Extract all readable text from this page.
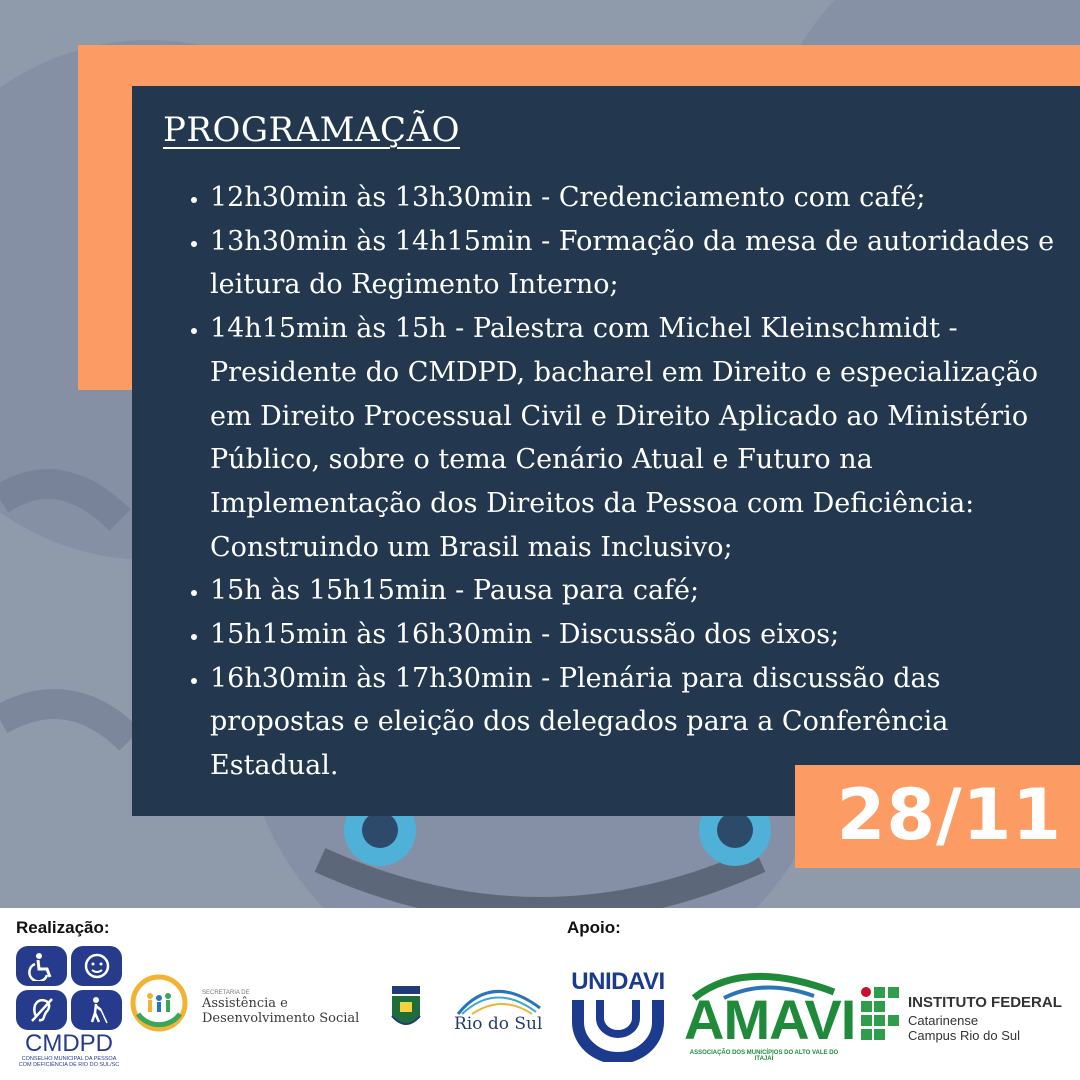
PROGRAMAÇÃO
• 12h30min às 13h30min - Credenciamento com café;
• 13h30min às 14h15min - Formação da mesa de autoridades e leitura do Regimento Interno;
• 14h15min às 15h - Palestra com Michel Kleinschmidt - Presidente do CMDPD, bacharel em Direito e especialização em Direito Processual Civil e Direito Aplicado ao Ministério Público, sobre o tema Cenário Atual e Futuro na Implementação dos Direitos da Pessoa com Deficiência: Construindo um Brasil mais Inclusivo;
• 15h às 15h15min - Pausa para café;
• 15h15min às 16h30min - Discussão dos eixos;
• 16h30min às 17h30min - Plenária para discussão das propostas e eleição dos delegados para a Conferência Estadual.
28/11

Realização:	Apoio:

CMDPD
CONSELHO MUNICIPAL DA PESSOA COM DEFICIÊNCIA DE RIO DO SUL/SC
SECRETARIA DE
Assistência e
Desenvolvimento Social	Rio do Sul
UNIDAVI
AMAVI
ASSOCIAÇÃO DOS MUNICÍPIOS DO ALTO VALE DO ITAJAÍ
INSTITUTO FEDERAL
Catarinense
Campus Rio do Sul
